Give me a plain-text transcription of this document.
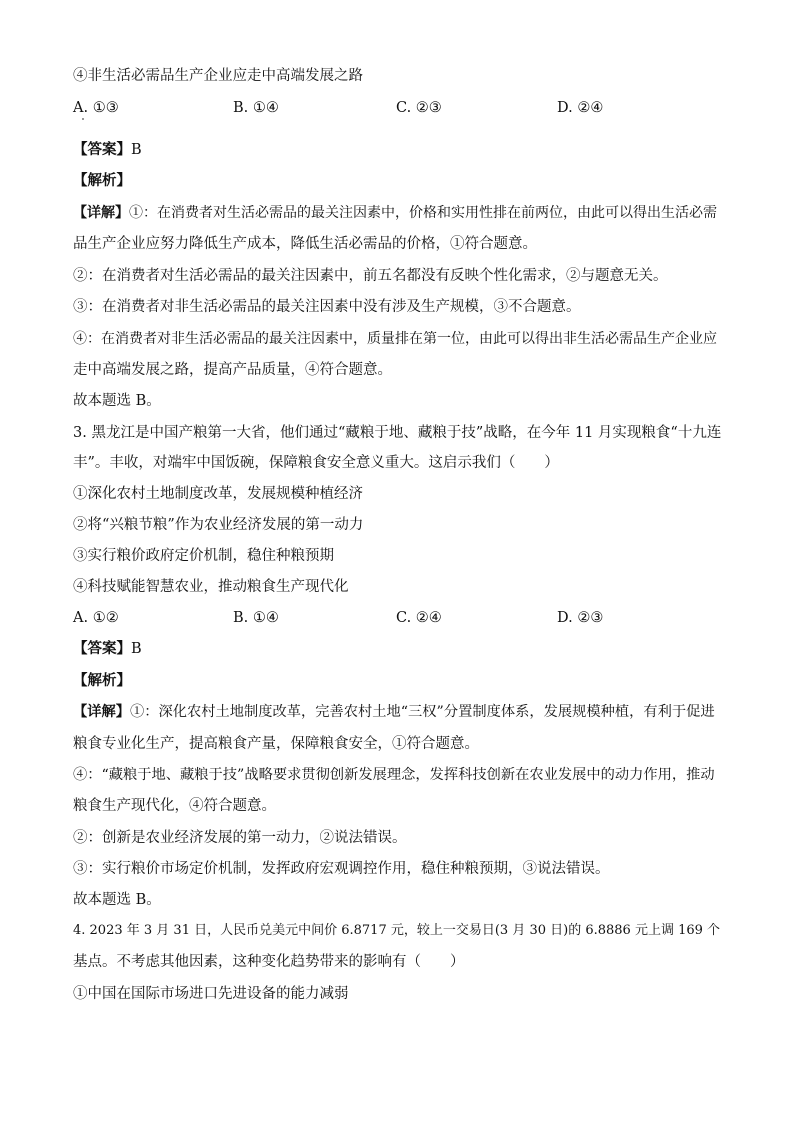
④非生活必需品生产企业应走中高端发展之路
A. ①③	B. ①④	C. ②③	D. ②④
【答案】B
【解析】
【详解】①：在消费者对生活必需品的最关注因素中，价格和实用性排在前两位，由此可以得出生活必需
品生产企业应努力降低生产成本，降低生活必需品的价格，①符合题意。
②：在消费者对生活必需品的最关注因素中，前五名都没有反映个性化需求，②与题意无关。
③：在消费者对非生活必需品的最关注因素中没有涉及生产规模，③不合题意。
④：在消费者对非生活必需品的最关注因素中，质量排在第一位，由此可以得出非生活必需品生产企业应
走中高端发展之路，提高产品质量，④符合题意。
故本题选 B。
3. 黑龙江是中国产粮第一大省，他们通过“藏粮于地、藏粮于技”战略，在今年 11 月实现粮食“十九连
丰”。丰收，对端牢中国饭碗，保障粮食安全意义重大。这启示我们（　　）
①深化农村土地制度改革，发展规模种植经济
②将“兴粮节粮”作为农业经济发展的第一动力
③实行粮价政府定价机制，稳住种粮预期
④科技赋能智慧农业，推动粮食生产现代化
A. ①②	B. ①④	C. ②④	D. ②③
【答案】B
【解析】
【详解】①：深化农村土地制度改革，完善农村土地“三权”分置制度体系，发展规模种植，有利于促进
粮食专业化生产，提高粮食产量，保障粮食安全，①符合题意。
④：“藏粮于地、藏粮于技”战略要求贯彻创新发展理念，发挥科技创新在农业发展中的动力作用，推动
粮食生产现代化，④符合题意。
②：创新是农业经济发展的第一动力，②说法错误。
③：实行粮价市场定价机制，发挥政府宏观调控作用，稳住种粮预期，③说法错误。
故本题选 B。
4. 2023 年 3 月 31 日，人民币兑美元中间价 6.8717 元，较上一交易日(3 月 30 日)的 6.8886 元上调 169 个
基点。不考虑其他因素，这种变化趋势带来的影响有（　　）
①中国在国际市场进口先进设备的能力减弱
